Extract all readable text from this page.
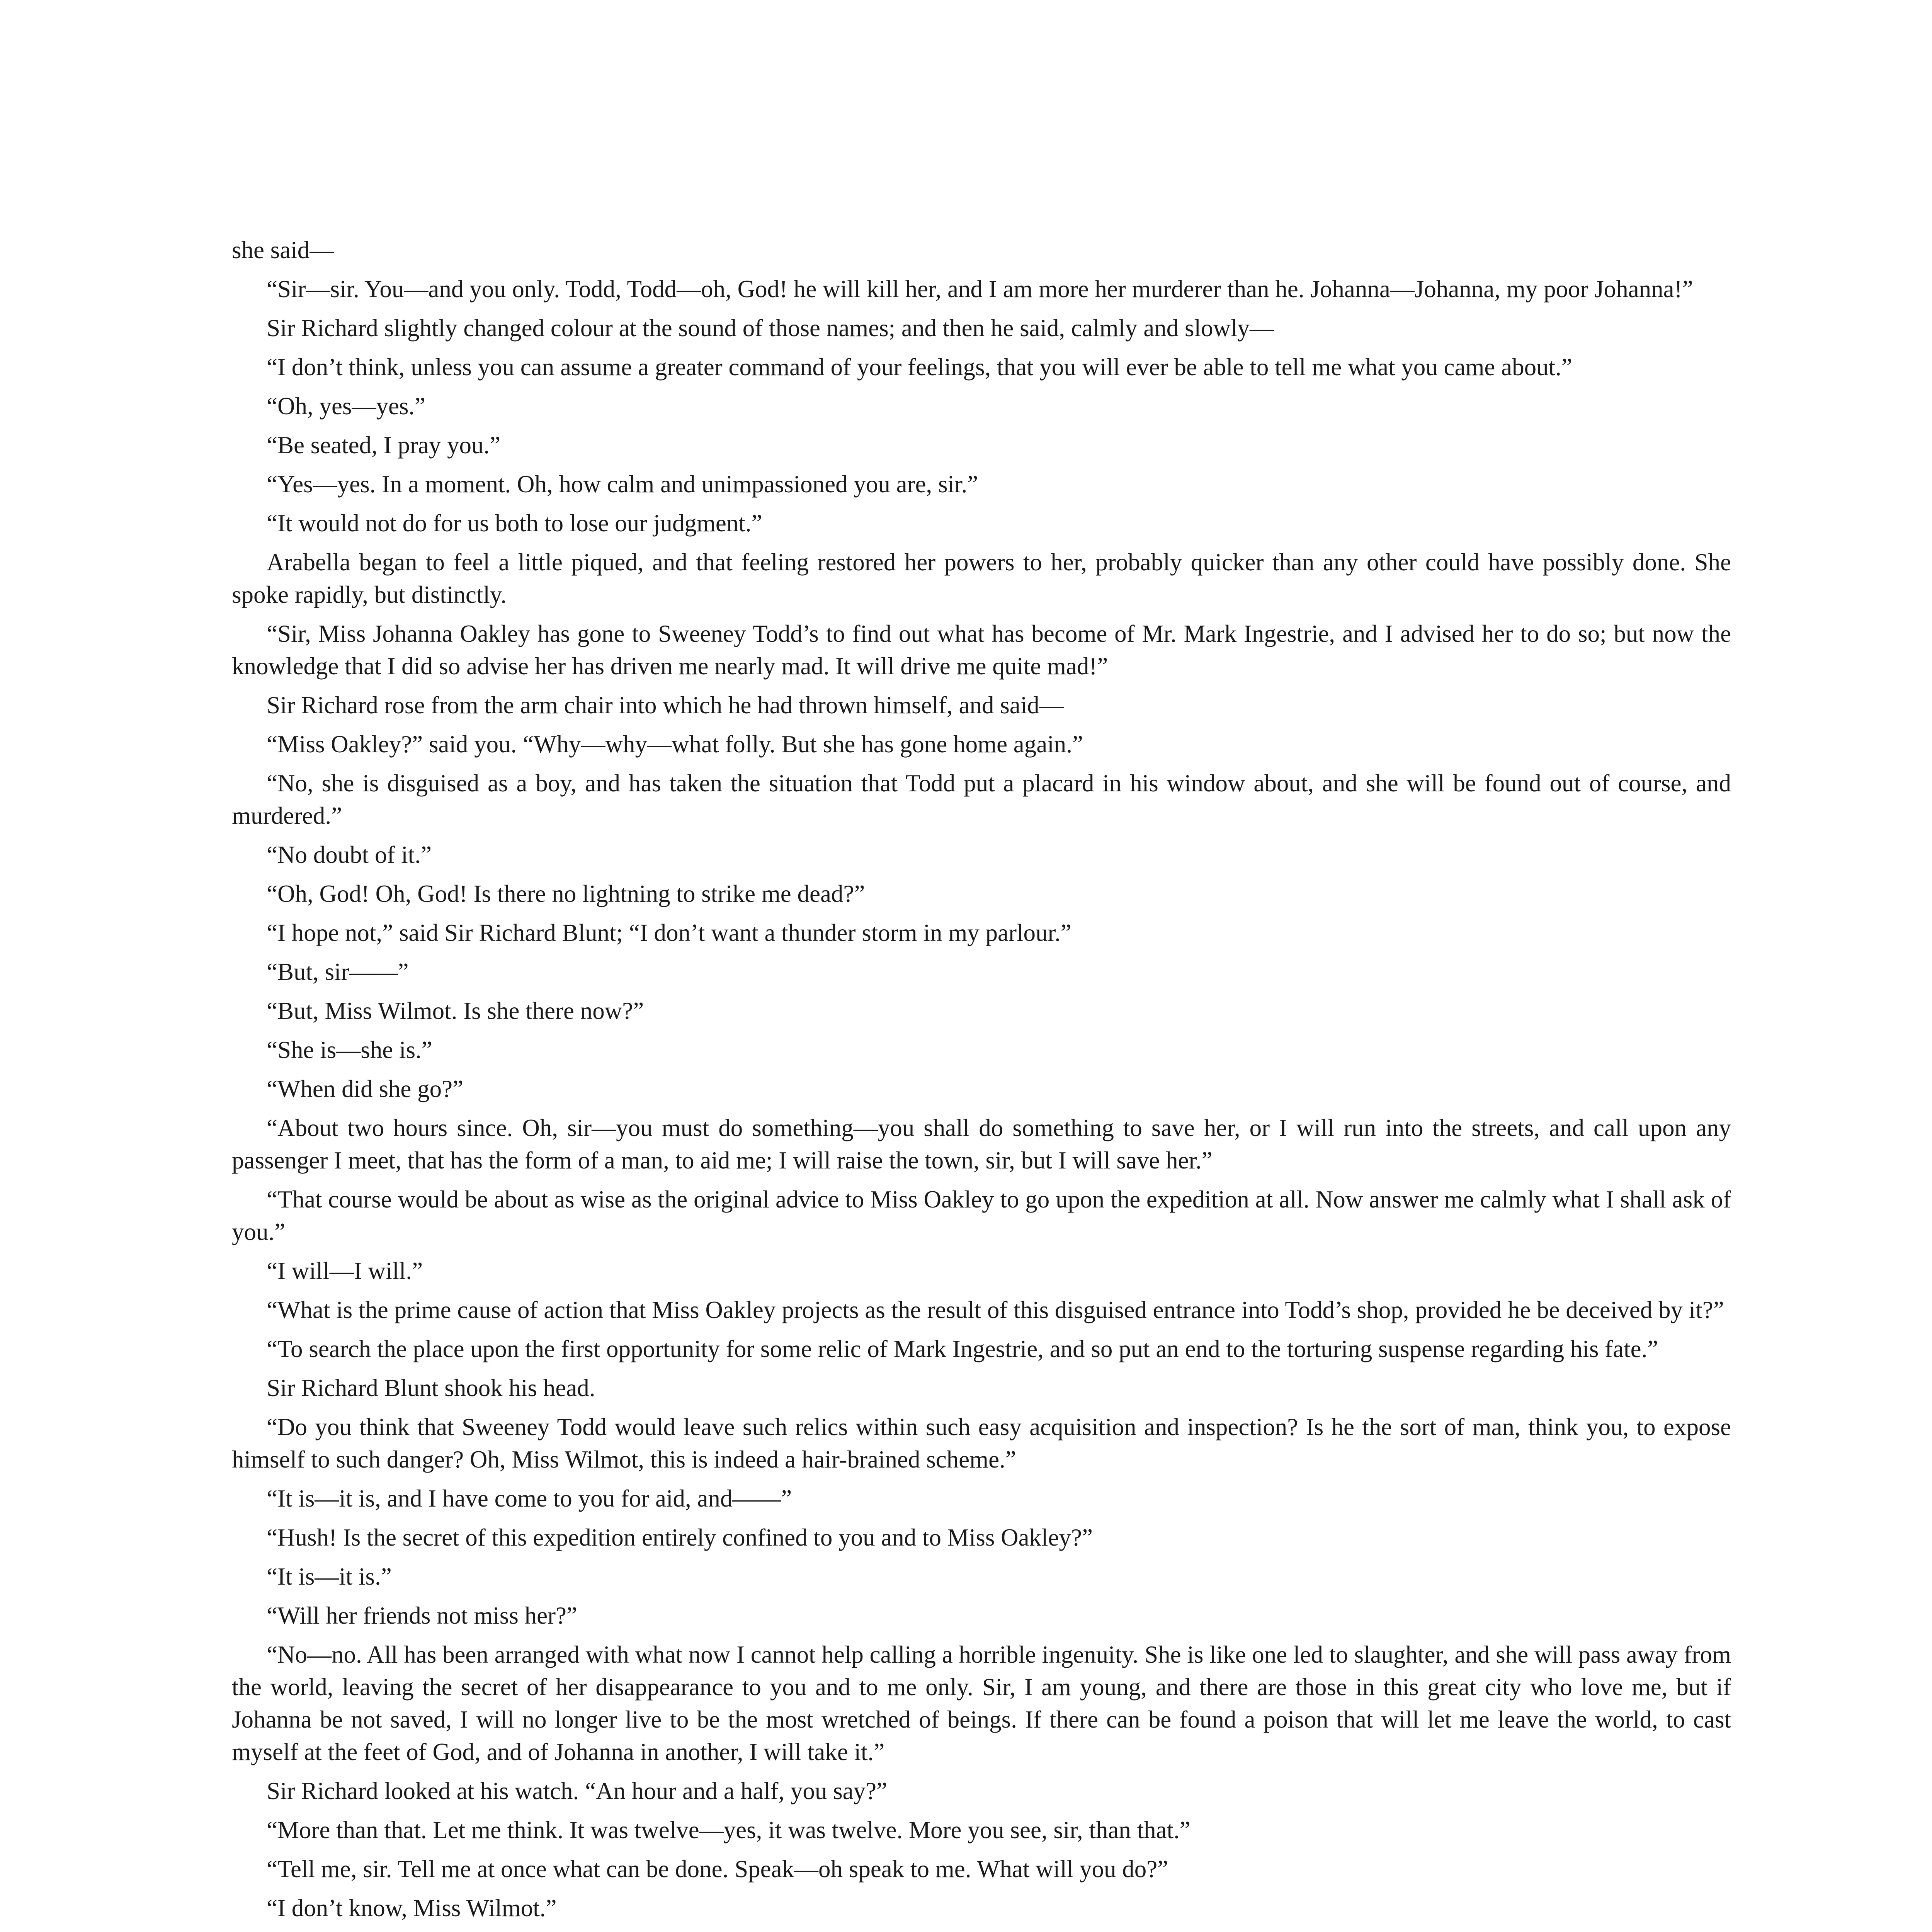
she said—

“Sir—sir. You—and you only. Todd, Todd—oh, God! he will kill her, and I am more her murderer than he. Johanna—Johanna, my poor Johanna!”

Sir Richard slightly changed colour at the sound of those names; and then he said, calmly and slowly—

“I don’t think, unless you can assume a greater command of your feelings, that you will ever be able to tell me what you came about.”

“Oh, yes—yes.”

“Be seated, I pray you.”

“Yes—yes. In a moment. Oh, how calm and unimpassioned you are, sir.”

“It would not do for us both to lose our judgment.”

Arabella began to feel a little piqued, and that feeling restored her powers to her, probably quicker than any other could have possibly done. She spoke rapidly, but distinctly.

“Sir, Miss Johanna Oakley has gone to Sweeney Todd’s to find out what has become of Mr. Mark Ingestrie, and I advised her to do so; but now the knowledge that I did so advise her has driven me nearly mad. It will drive me quite mad!”

Sir Richard rose from the arm chair into which he had thrown himself, and said—

“Miss Oakley?” said you. “Why—why—what folly. But she has gone home again.”

“No, she is disguised as a boy, and has taken the situation that Todd put a placard in his window about, and she will be found out of course, and murdered.”

“No doubt of it.”

“Oh, God! Oh, God! Is there no lightning to strike me dead?”

“I hope not,” said Sir Richard Blunt; “I don’t want a thunder storm in my parlour.”

“But, sir——”

“But, Miss Wilmot. Is she there now?”

“She is—she is.”

“When did she go?”

“About two hours since. Oh, sir—you must do something—you shall do something to save her, or I will run into the streets, and call upon any passenger I meet, that has the form of a man, to aid me; I will raise the town, sir, but I will save her.”

“That course would be about as wise as the original advice to Miss Oakley to go upon the expedition at all. Now answer me calmly what I shall ask of you.”

“I will—I will.”

“What is the prime cause of action that Miss Oakley projects as the result of this disguised entrance into Todd’s shop, provided he be deceived by it?”

“To search the place upon the first opportunity for some relic of Mark Ingestrie, and so put an end to the torturing suspense regarding his fate.”

Sir Richard Blunt shook his head.

“Do you think that Sweeney Todd would leave such relics within such easy acquisition and inspection? Is he the sort of man, think you, to expose himself to such danger? Oh, Miss Wilmot, this is indeed a hair-brained scheme.”

“It is—it is, and I have come to you for aid, and——”

“Hush! Is the secret of this expedition entirely confined to you and to Miss Oakley?”

“It is—it is.”

“Will her friends not miss her?”

“No—no. All has been arranged with what now I cannot help calling a horrible ingenuity. She is like one led to slaughter, and she will pass away from the world, leaving the secret of her disappearance to you and to me only. Sir, I am young, and there are those in this great city who love me, but if Johanna be not saved, I will no longer live to be the most wretched of beings. If there can be found a poison that will let me leave the world, to cast myself at the feet of God, and of Johanna in another, I will take it.”

Sir Richard looked at his watch. “An hour and a half, you say?”

“More than that. Let me think. It was twelve—yes, it was twelve. More you see, sir, than that.”

“Tell me, sir. Tell me at once what can be done. Speak—oh speak to me. What will you do?”

“I don’t know, Miss Wilmot.”
